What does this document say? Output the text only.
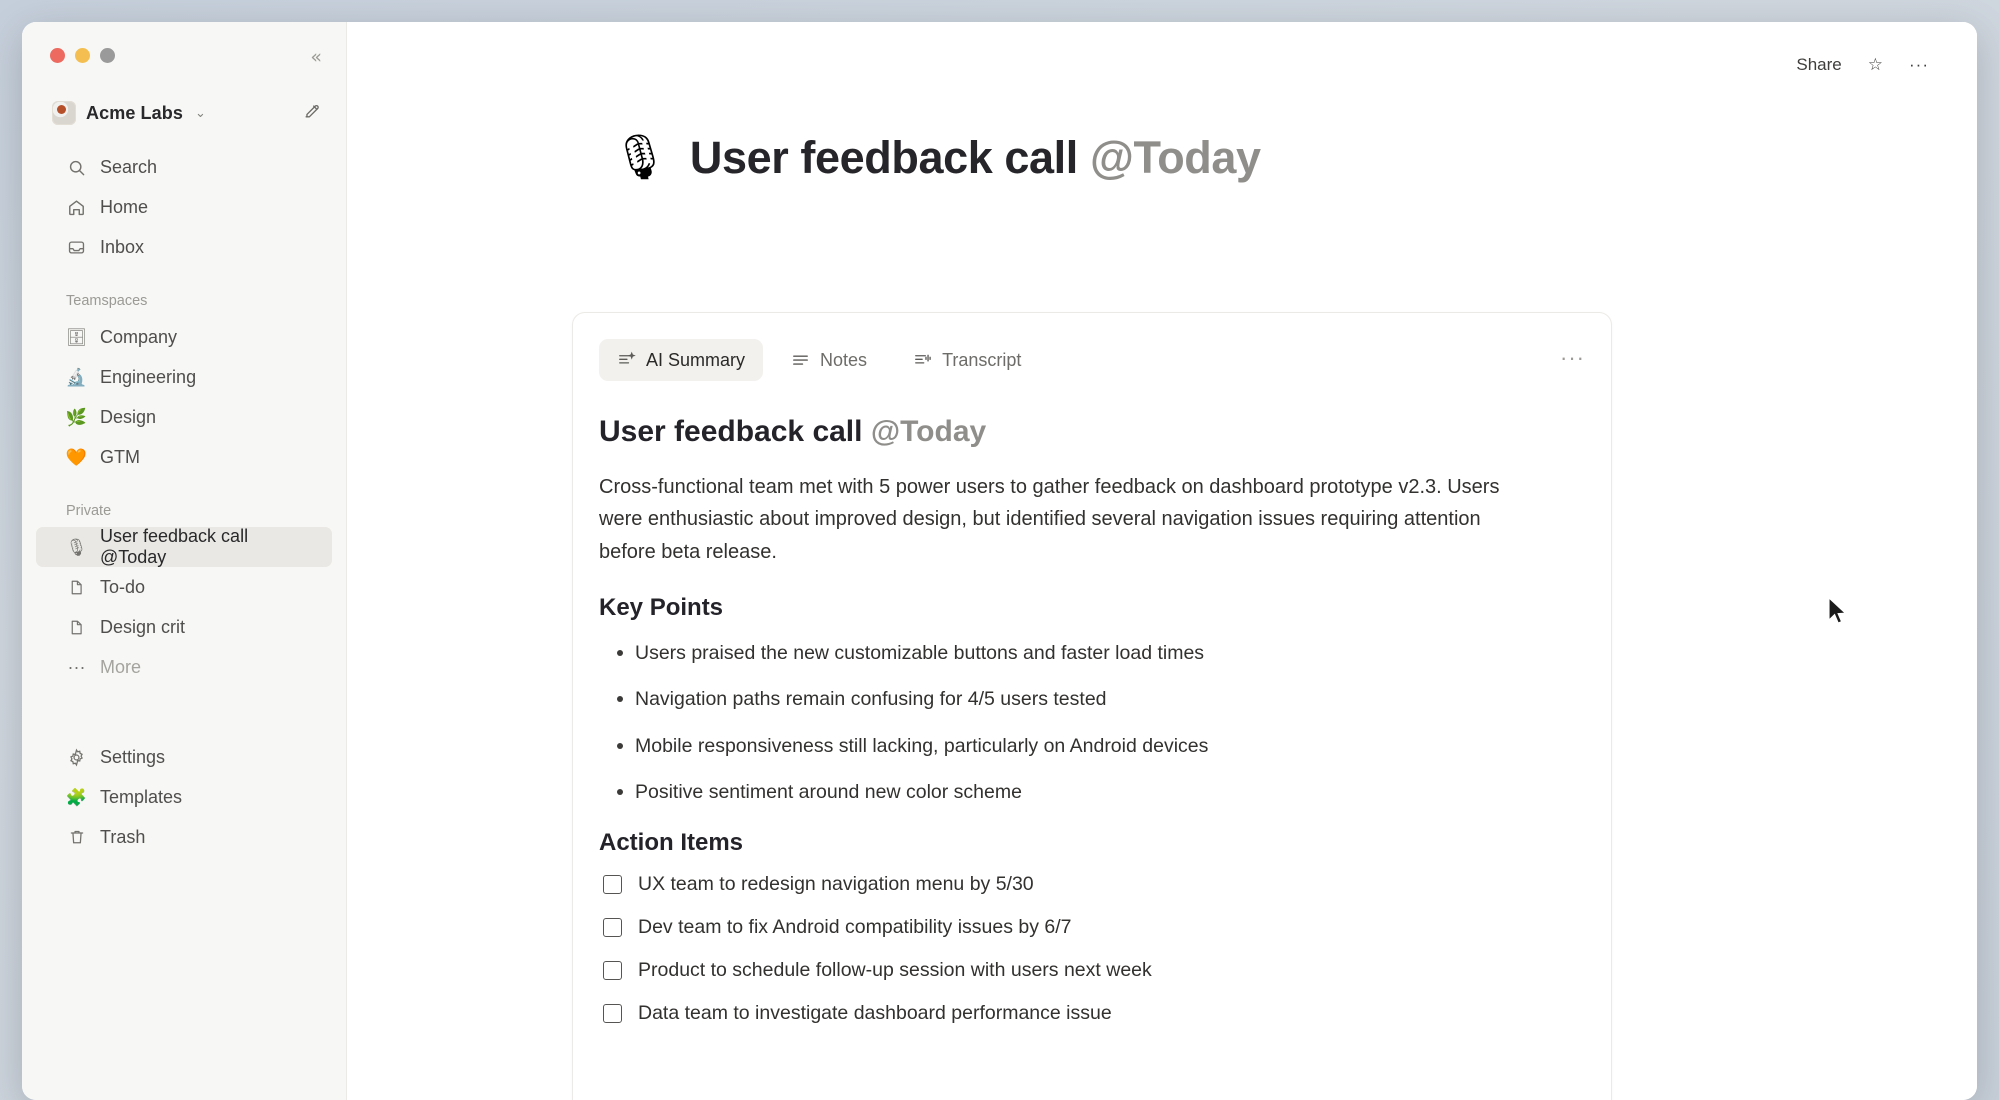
«
Acme Labs ⌄
Search
Home
Inbox
Teamspaces
🗄 Company
🔬 Engineering
🌿 Design
🧡 GTM
Private
🎙
User feedback call @Today
To-do
Design crit
··· More
Settings
🧩 Templates
Trash
Share ☆ ···
🎙 User feedback call @Today
AI Summary	Notes	Transcript	···
User feedback call @Today
Cross-functional team met with 5 power users to gather feedback on dashboard prototype v2.3. Users were enthusiastic about improved design, but identified several navigation issues requiring attention before beta release.
Key Points
Users praised the new customizable buttons and faster load times
Navigation paths remain confusing for 4/5 users tested
Mobile responsiveness still lacking, particularly on Android devices
Positive sentiment around new color scheme
Action Items
UX team to redesign navigation menu by 5/30
Dev team to fix Android compatibility issues by 6/7
Product to schedule follow-up session with users next week
Data team to investigate dashboard performance issue
